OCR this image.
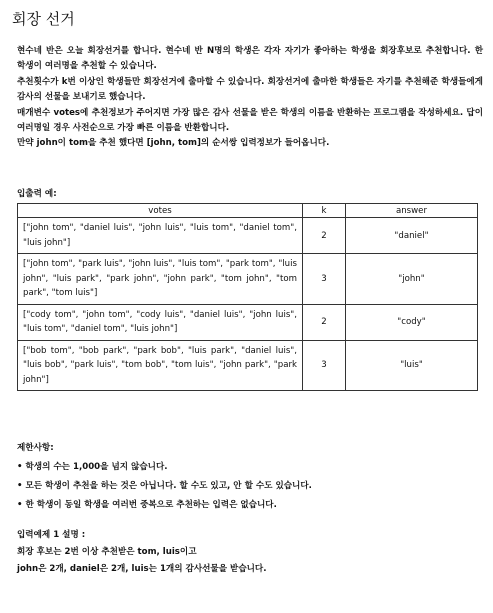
회장 선거
현수네 반은 오늘 회장선거를 합니다. 현수네 반 N명의 학생은 각자 자기가 좋아하는 학생을 회장후보로 추천합니다. 한 학생이 여러명을 추천할 수 있습니다.
추천횟수가 k번 이상인 학생들만 회장선거에 출마할 수 있습니다. 회장선거에 출마한 학생들은 자기를 추천해준 학생들에게 감사의 선물을 보내기로 했습니다.
매개변수 votes에 추천정보가 주어지면 가장 많은 감사 선물을 받은 학생의 이름을 반환하는 프로그램을 작성하세요. 답이 여러명일 경우 사전순으로 가장 빠른 이름을 반환합니다.
만약 john이 tom을 추천 했다면 [john, tom]의 순서쌍 입력정보가 들어옵니다.
입출력 예:
votes	k	answer
["john tom", "daniel luis", "john luis", "luis tom", "daniel tom", "luis john"]	2	"daniel"
["john tom", "park luis", "john luis", "luis tom", "park tom", "luis john", "luis park", "park john", "john park", "tom john", "tom park", "tom luis"]	3	"john"
["cody tom", "john tom", "cody luis", "daniel luis", "john luis", "luis tom", "daniel tom", "luis john"]	2	"cody"
["bob tom", "bob park", "park bob", "luis park", "daniel luis", "luis bob", "park luis", "tom bob", "tom luis", "john park", "park john"]	3	"luis"
제한사항:
• 학생의 수는 1,000을 넘지 않습니다.
• 모든 학생이 추천을 하는 것은 아닙니다. 할 수도 있고, 안 할 수도 있습니다.
• 한 학생이 동일 학생을 여러번 중복으로 추천하는 입력은 없습니다.
입력예제 1 설명 :
회장 후보는 2번 이상 추천받은 tom, luis이고
john은 2개, daniel은 2개, luis는 1개의 감사선물을 받습니다.
